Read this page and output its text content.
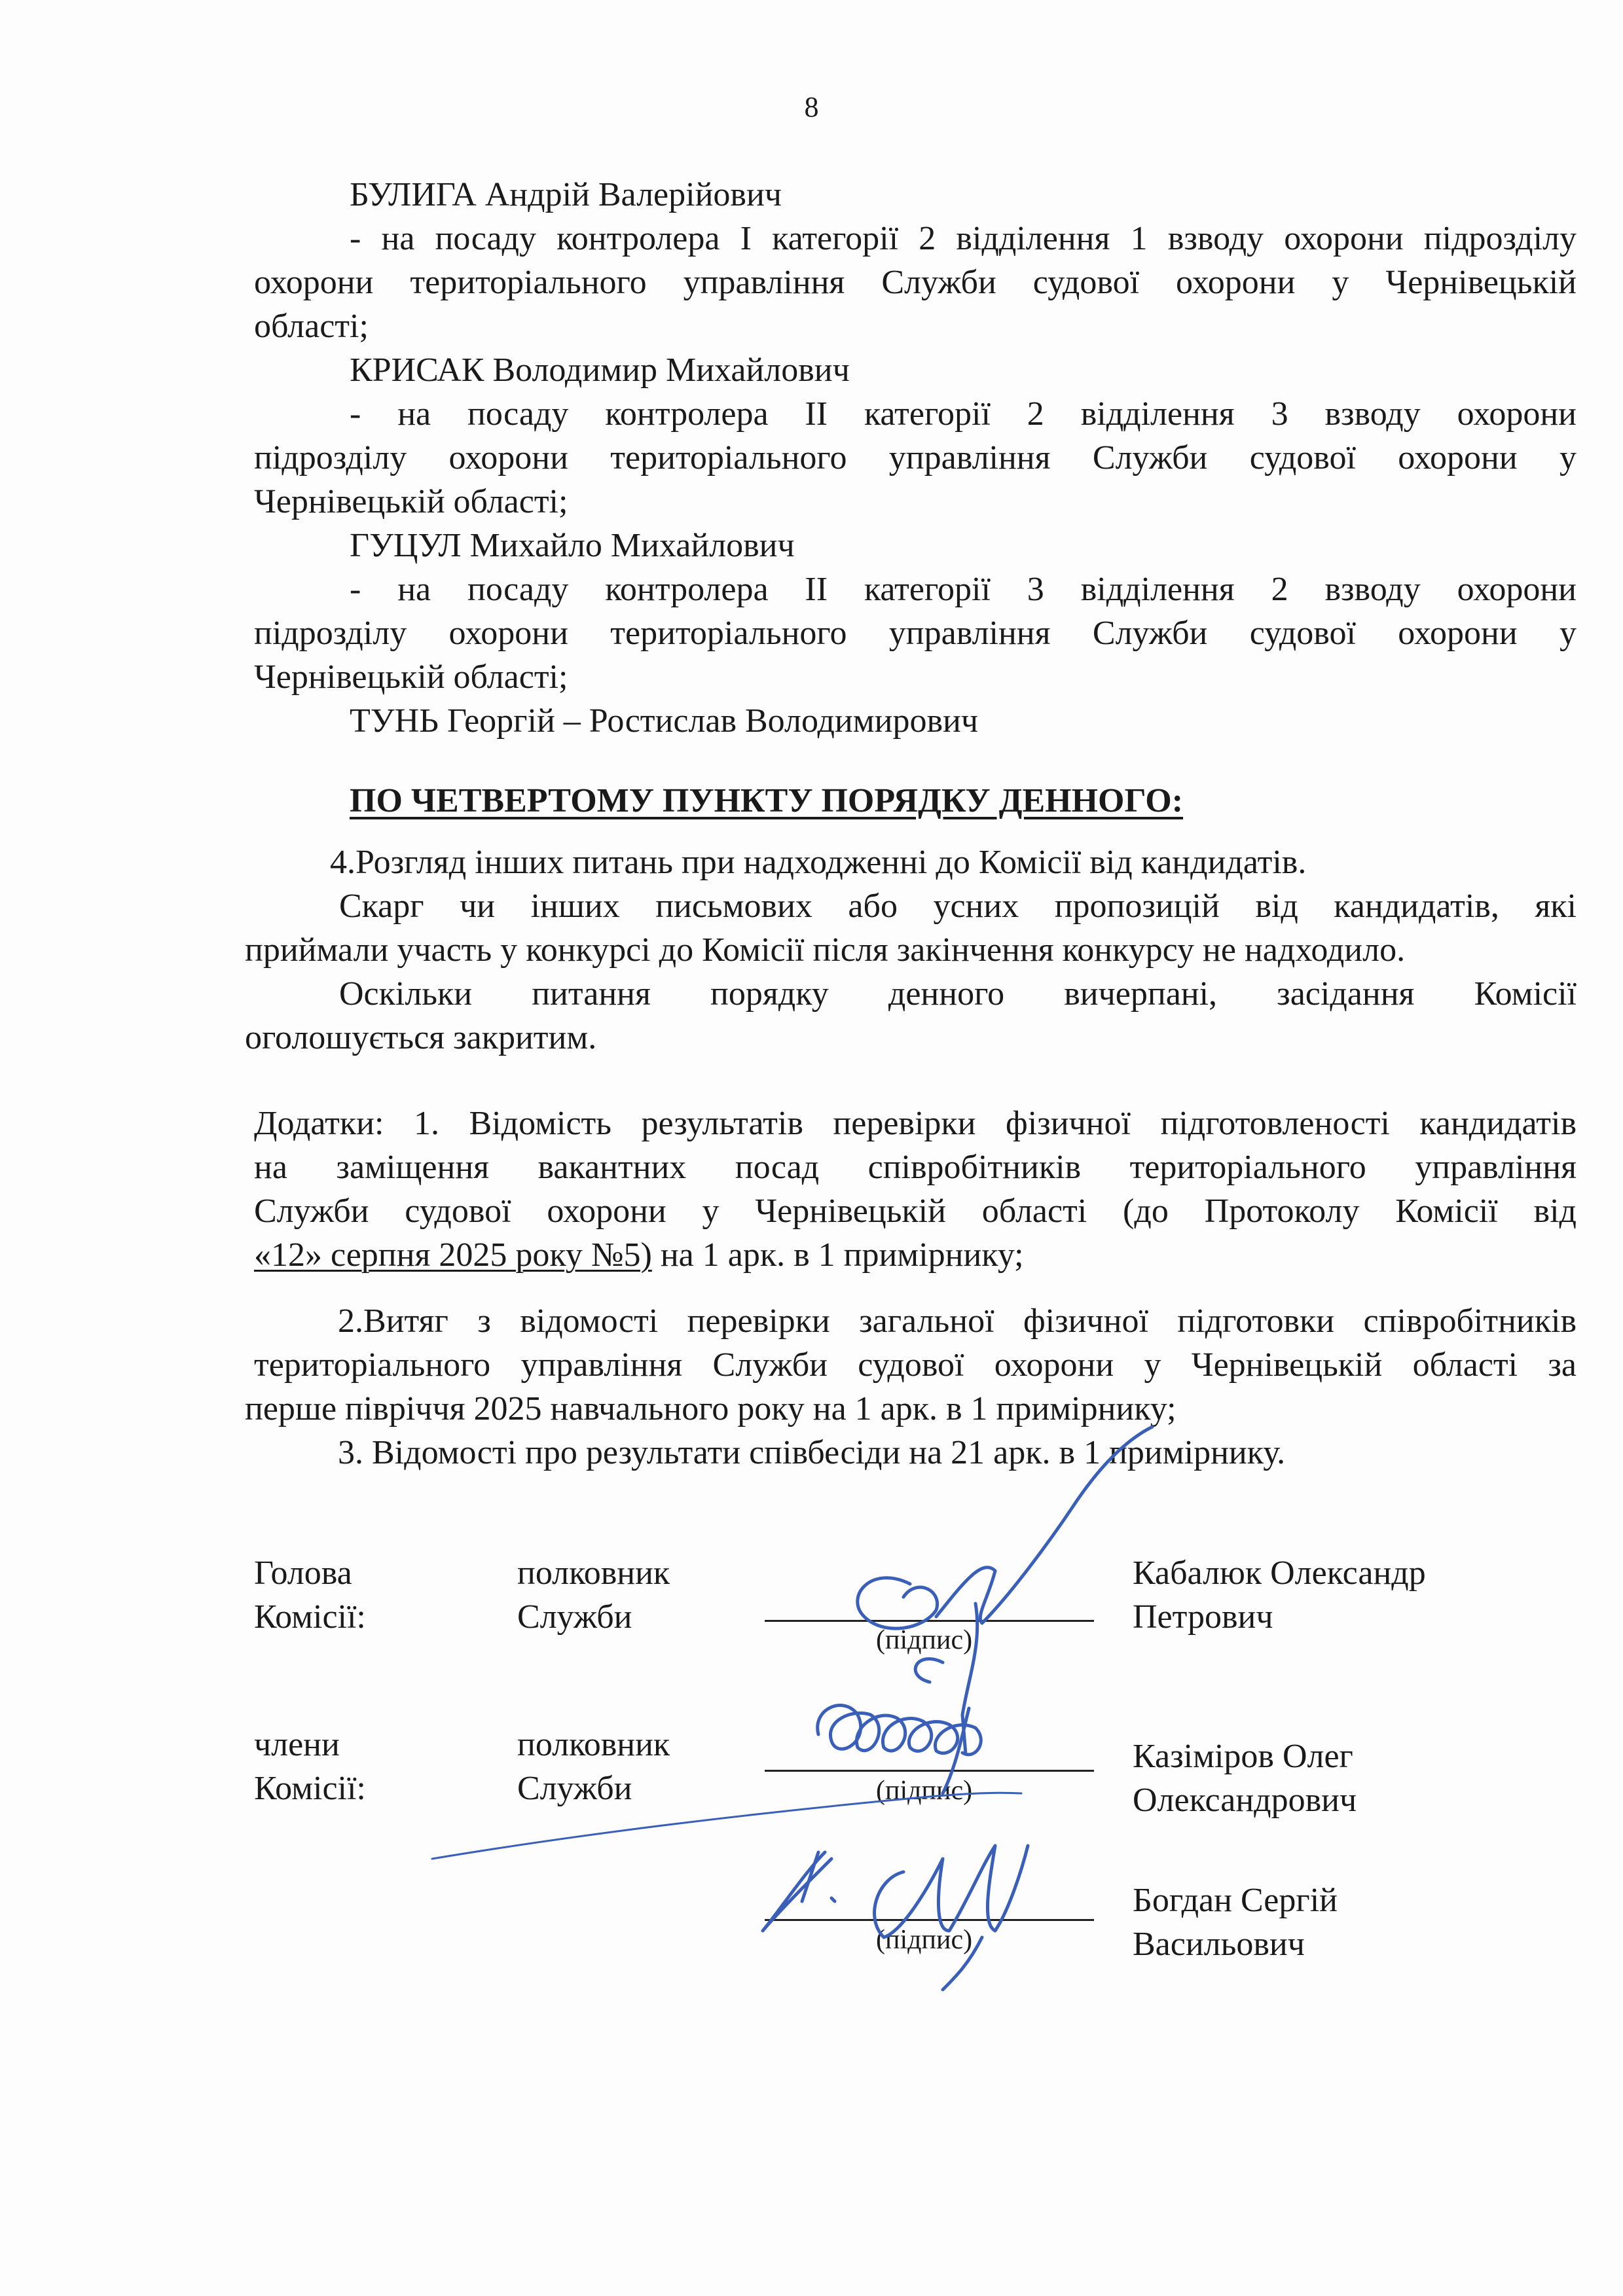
8
БУЛИГА Андрій Валерійович
- на посаду контролера І категорії 2 відділення 1 взводу охорони підрозділу
охорони територіального управління Служби судової охорони у Чернівецькій
області;
КРИСАК Володимир Михайлович
- на посаду контролера ІІ категорії 2 відділення 3 взводу охорони
підрозділу охорони територіального управління Служби судової охорони у
Чернівецькій області;
ГУЦУЛ Михайло Михайлович
- на посаду контролера ІІ категорії 3 відділення 2 взводу охорони
підрозділу охорони територіального управління Служби судової охорони у
Чернівецькій області;
ТУНЬ Георгій – Ростислав Володимирович
ПО ЧЕТВЕРТОМУ ПУНКТУ ПОРЯДКУ ДЕННОГО:
4.Розгляд інших питань при надходженні до Комісії від кандидатів.
Скарг чи інших письмових або усних пропозицій від кандидатів, які
приймали участь у конкурсі до Комісії після закінчення конкурсу не надходило.
Оскільки питання порядку денного вичерпані, засідання Комісії
оголошується закритим.
Додатки: 1. Відомість результатів перевірки фізичної підготовленості кандидатів
на заміщення вакантних посад співробітників територіального управління
Служби судової охорони у Чернівецькій області (до Протоколу Комісії від
«12» серпня 2025 року №5) на 1 арк. в 1 примірнику;
2.Витяг з відомості перевірки загальної фізичної підготовки співробітників
територіального управління Служби судової охорони у Чернівецькій області за
перше півріччя 2025 навчального року на 1 арк. в 1 примірнику;
3. Відомості про результати співбесіди на 21 арк. в 1 примірнику.
Голова
Комісії:
полковник
Служби
(підпис)
Кабалюк Олександр
Петрович
члени
Комісії:
полковник
Служби	(підпис)
Казіміров Олег
Олександрович
(підпис)
Богдан Сергій
Васильович
